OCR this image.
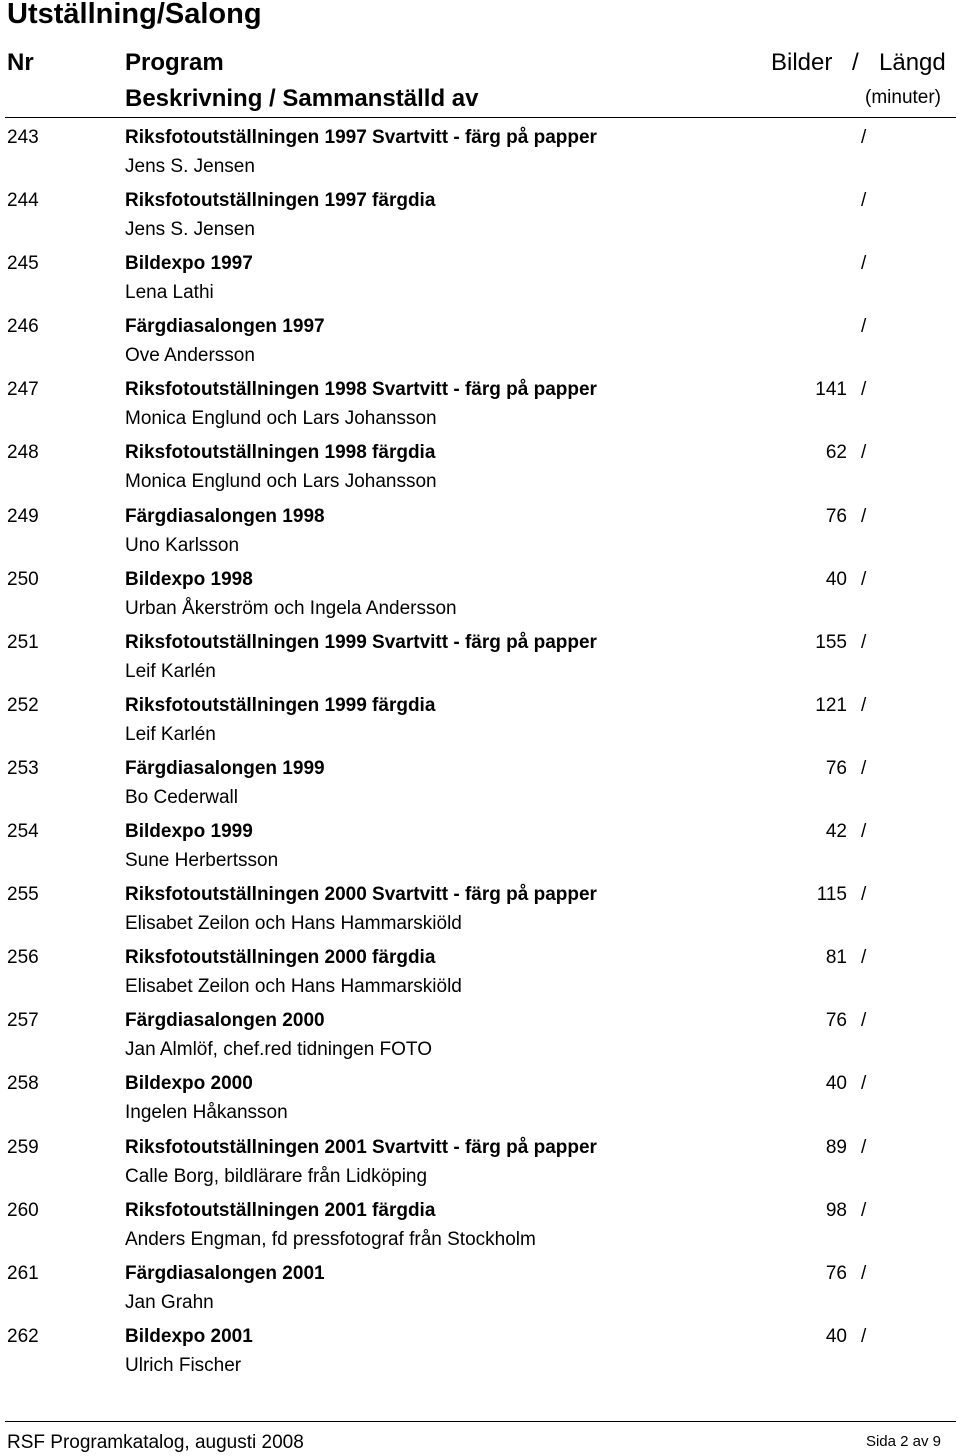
Utställning/Salong
Nr	Program
Beskrivning / Sammanställd av
Bilder / Längd
(minuter)
243	Riksfotoutställningen 1997 Svartvitt - färg på papper
Jens S. Jensen
/
244	Riksfotoutställningen 1997 färgdia
Jens S. Jensen
/
245	Bildexpo 1997
Lena Lathi
/
246	Färgdiasalongen 1997
Ove Andersson
/
247	Riksfotoutställningen 1998 Svartvitt - färg på papper
Monica Englund och Lars Johansson
141 /
248	Riksfotoutställningen 1998 färgdia
Monica Englund och Lars Johansson
62 /
249	Färgdiasalongen 1998
Uno Karlsson
76 /
250	Bildexpo 1998
Urban Åkerström och Ingela Andersson
40 /
251	Riksfotoutställningen 1999 Svartvitt - färg på papper
Leif Karlén
155 /
252	Riksfotoutställningen 1999 färgdia
Leif Karlén
121 /
253	Färgdiasalongen 1999
Bo Cederwall
76 /
254	Bildexpo 1999
Sune Herbertsson
42 /
255	Riksfotoutställningen 2000 Svartvitt - färg på papper
Elisabet Zeilon och Hans Hammarskiöld
115 /
256	Riksfotoutställningen 2000 färgdia
Elisabet Zeilon och Hans Hammarskiöld
81 /
257	Färgdiasalongen 2000
Jan Almlöf, chef.red tidningen FOTO
76 /
258	Bildexpo 2000
Ingelen Håkansson
40 /
259	Riksfotoutställningen 2001 Svartvitt - färg på papper
Calle Borg, bildlärare från Lidköping
89 /
260	Riksfotoutställningen 2001 färgdia
Anders Engman, fd pressfotograf från Stockholm
98 /
261	Färgdiasalongen 2001
Jan Grahn
76 /
262	Bildexpo 2001
Ulrich Fischer
40 /
RSF Programkatalog, augusti 2008	Sida 2 av 9
